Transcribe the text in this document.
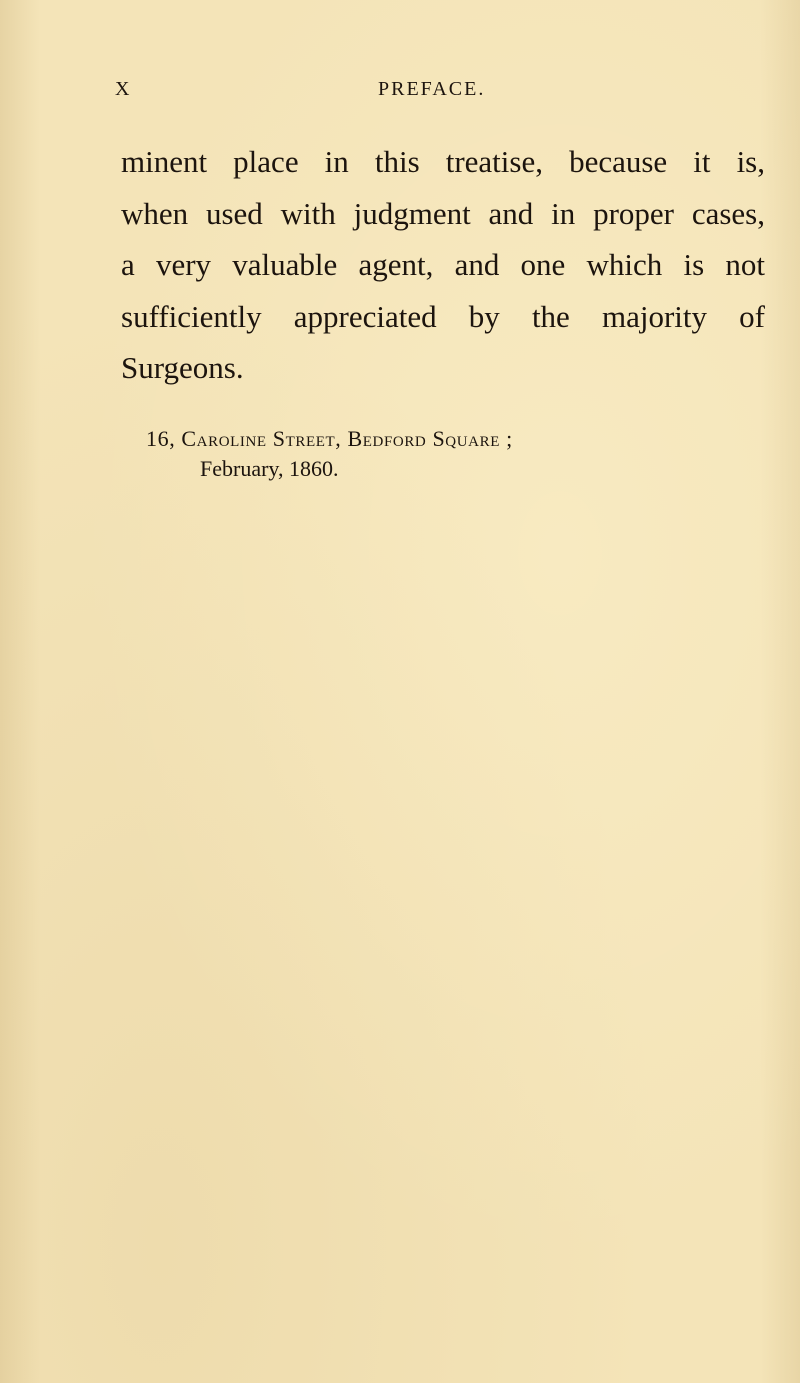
X	PREFACE.
minent place in this treatise, because it is,
when used with judgment and in proper cases,
a very valuable agent, and one which is not
sufficiently appreciated by the majority of
Surgeons.
16, Caroline Street, Bedford Square ;
February, 1860.
